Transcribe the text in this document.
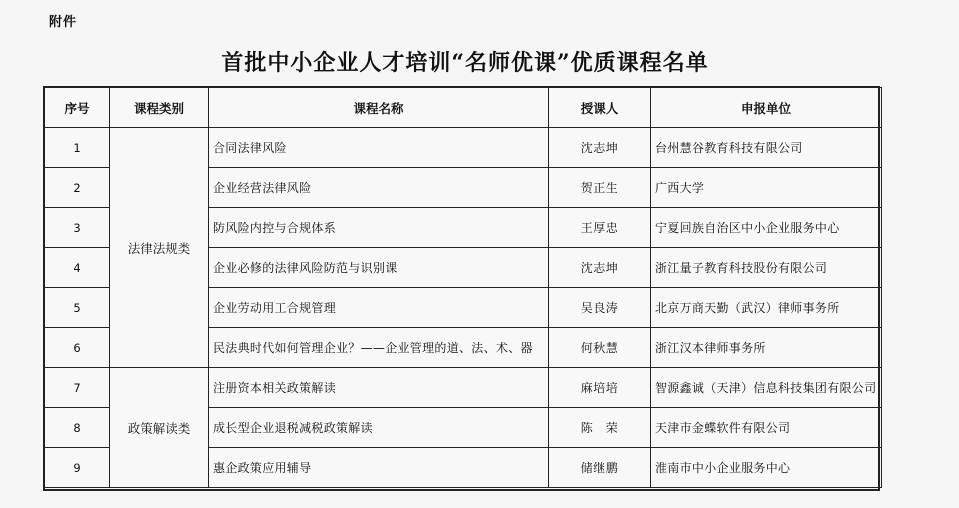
附件
首批中小企业人才培训“名师优课”优质课程名单
序号	课程类别	课程名称	授课人	申报单位
1	法律法规类	合同法律风险	沈志坤	台州慧谷教育科技有限公司
2		企业经营法律风险	贺正生	广西大学
3		防风险内控与合规体系	王厚忠	宁夏回族自治区中小企业服务中心
4		企业必修的法律风险防范与识别课	沈志坤	浙江量子教育科技股份有限公司
5		企业劳动用工合规管理	吴良涛	北京万商天勤（武汉）律师事务所
6		民法典时代如何管理企业？——企业管理的道、法、术、器	何秋慧	浙江汉本律师事务所
7	政策解读类	注册资本相关政策解读	麻培培	智源鑫诚（天津）信息科技集团有限公司
8		成长型企业退税减税政策解读	陈　荣	天津市金蝶软件有限公司
9		惠企政策应用辅导	储继鹏	淮南市中小企业服务中心
